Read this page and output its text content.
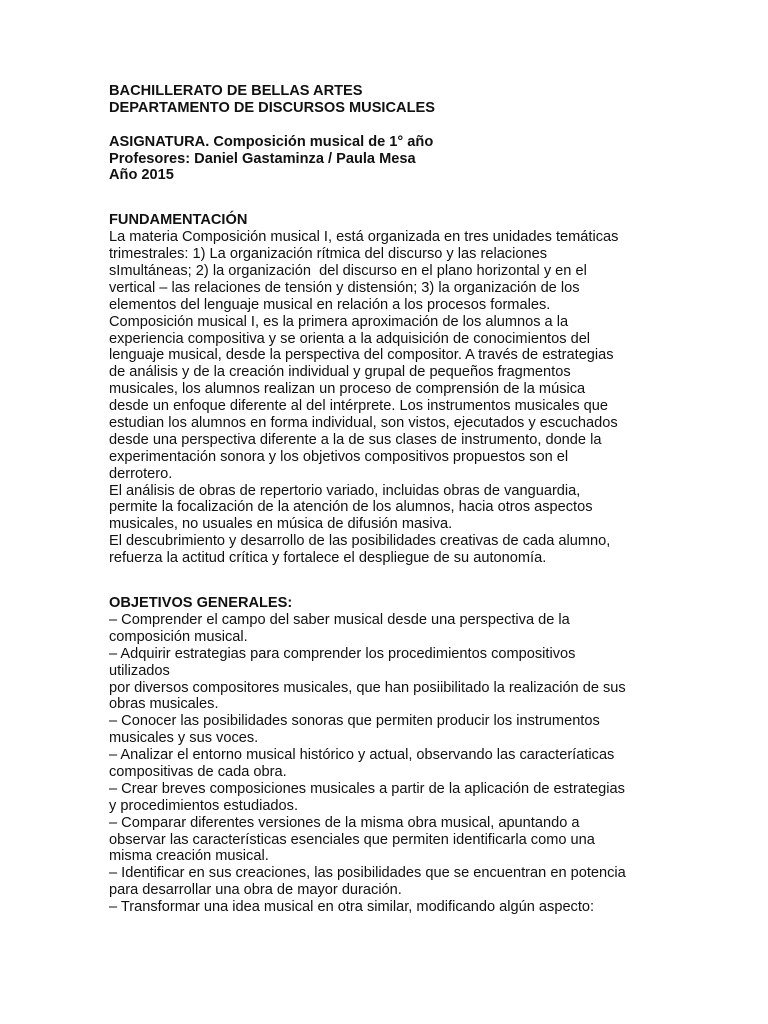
BACHILLERATO DE BELLAS ARTES
DEPARTAMENTO DE DISCURSOS MUSICALES
ASIGNATURA. Composición musical de 1° año
Profesores: Daniel Gastaminza / Paula Mesa
Año 2015
FUNDAMENTACIÓN
La materia Composición musical I, está organizada en tres unidades temáticas
trimestrales: 1) La organización rítmica del discurso y las relaciones
sImultáneas; 2) la organización  del discurso en el plano horizontal y en el
vertical – las relaciones de tensión y distensión; 3) la organización de los
elementos del lenguaje musical en relación a los procesos formales.
Composición musical I, es la primera aproximación de los alumnos a la
experiencia compositiva y se orienta a la adquisición de conocimientos del
lenguaje musical, desde la perspectiva del compositor. A través de estrategias
de análisis y de la creación individual y grupal de pequeños fragmentos
musicales, los alumnos realizan un proceso de comprensión de la música
desde un enfoque diferente al del intérprete. Los instrumentos musicales que
estudian los alumnos en forma individual, son vistos, ejecutados y escuchados
desde una perspectiva diferente a la de sus clases de instrumento, donde la
experimentación sonora y los objetivos compositivos propuestos son el
derrotero.
El análisis de obras de repertorio variado, incluidas obras de vanguardia,
permite la focalización de la atención de los alumnos, hacia otros aspectos
musicales, no usuales en música de difusión masiva.
El descubrimiento y desarrollo de las posibilidades creativas de cada alumno,
refuerza la actitud crítica y fortalece el despliegue de su autonomía.
OBJETIVOS GENERALES:
– Comprender el campo del saber musical desde una perspectiva de la
composición musical.
– Adquirir estrategias para comprender los procedimientos compositivos
utilizados
por diversos compositores musicales, que han posiibilitado la realización de sus
obras musicales.
– Conocer las posibilidades sonoras que permiten producir los instrumentos
musicales y sus voces.
– Analizar el entorno musical histórico y actual, observando las caracteríaticas
compositivas de cada obra.
– Crear breves composiciones musicales a partir de la aplicación de estrategias
y procedimientos estudiados.
– Comparar diferentes versiones de la misma obra musical, apuntando a
observar las características esenciales que permiten identificarla como una
misma creación musical.
– Identificar en sus creaciones, las posibilidades que se encuentran en potencia
para desarrollar una obra de mayor duración.
– Transformar una idea musical en otra similar, modificando algún aspecto:
